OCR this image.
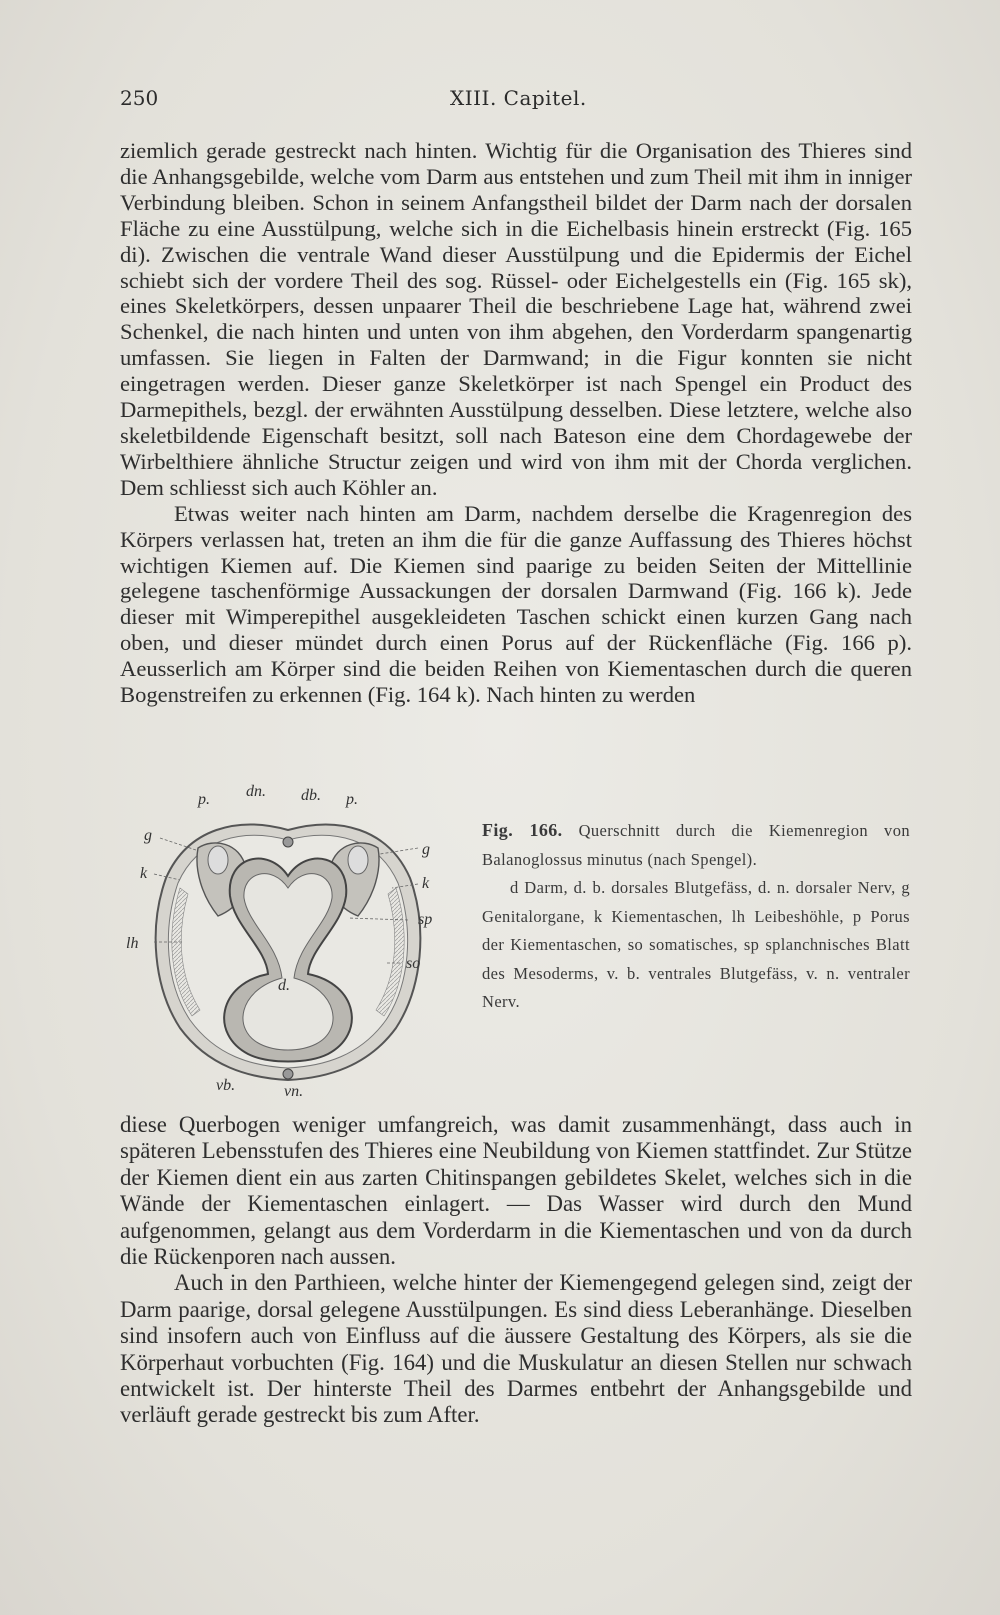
250	XIII. Capitel.

ziemlich gerade gestreckt nach hinten. Wichtig für die Organisation des Thieres sind die Anhangsgebilde, welche vom Darm aus entstehen und zum Theil mit ihm in inniger Verbindung bleiben. Schon in seinem Anfangstheil bildet der Darm nach der dorsalen Fläche zu eine Ausstülpung, welche sich in die Eichelbasis hinein erstreckt (Fig. 165 di). Zwischen die ventrale Wand dieser Ausstülpung und die Epidermis der Eichel schiebt sich der vordere Theil des sog. Rüssel- oder Eichelgestells ein (Fig. 165 sk), eines Skeletkörpers, dessen unpaarer Theil die beschriebene Lage hat, während zwei Schenkel, die nach hinten und unten von ihm abgehen, den Vorderdarm spangenartig umfassen. Sie liegen in Falten der Darmwand; in die Figur konnten sie nicht eingetragen werden. Dieser ganze Skeletkörper ist nach Spengel ein Product des Darmepithels, bezgl. der erwähnten Ausstülpung desselben. Diese letztere, welche also skeletbildende Eigenschaft besitzt, soll nach Bateson eine dem Chordagewebe der Wirbelthiere ähnliche Structur zeigen und wird von ihm mit der Chorda verglichen. Dem schliesst sich auch Köhler an.

Etwas weiter nach hinten am Darm, nachdem derselbe die Kragenregion des Körpers verlassen hat, treten an ihm die für die ganze Auffassung des Thieres höchst wichtigen Kiemen auf. Die Kiemen sind paarige zu beiden Seiten der Mittellinie gelegene taschenförmige Aussackungen der dorsalen Darmwand (Fig. 166 k). Jede dieser mit Wimperepithel ausgekleideten Taschen schickt einen kurzen Gang nach oben, und dieser mündet durch einen Porus auf der Rückenfläche (Fig. 166 p). Aeusserlich am Körper sind die beiden Reihen von Kiementaschen durch die queren Bogenstreifen zu erkennen (Fig. 164 k). Nach hinten zu werden

p. dn. db. p.
g
g
k
k
lh
sp
so
d.
vb.	vn.

Fig. 166. Querschnitt durch die Kiemenregion von Balanoglossus minutus (nach Spengel).

d Darm, d. b. dorsales Blutgefäss, d. n. dorsaler Nerv, g Genitalorgane, k Kiementaschen, lh Leibeshöhle, p Porus der Kiementaschen, so somatisches, sp splanchnisches Blatt des Mesoderms, v. b. ventrales Blutgefäss, v. n. ventraler Nerv.

diese Querbogen weniger umfangreich, was damit zusammenhängt, dass auch in späteren Lebensstufen des Thieres eine Neubildung von Kiemen stattfindet. Zur Stütze der Kiemen dient ein aus zarten Chitinspangen gebildetes Skelet, welches sich in die Wände der Kiementaschen einlagert. — Das Wasser wird durch den Mund aufgenommen, gelangt aus dem Vorderdarm in die Kiementaschen und von da durch die Rückenporen nach aussen.

Auch in den Parthieen, welche hinter der Kiemengegend gelegen sind, zeigt der Darm paarige, dorsal gelegene Ausstülpungen. Es sind diess Leberanhänge. Dieselben sind insofern auch von Einfluss auf die äussere Gestaltung des Körpers, als sie die Körperhaut vorbuchten (Fig. 164) und die Muskulatur an diesen Stellen nur schwach entwickelt ist. Der hinterste Theil des Darmes entbehrt der Anhangsgebilde und verläuft gerade gestreckt bis zum After.
